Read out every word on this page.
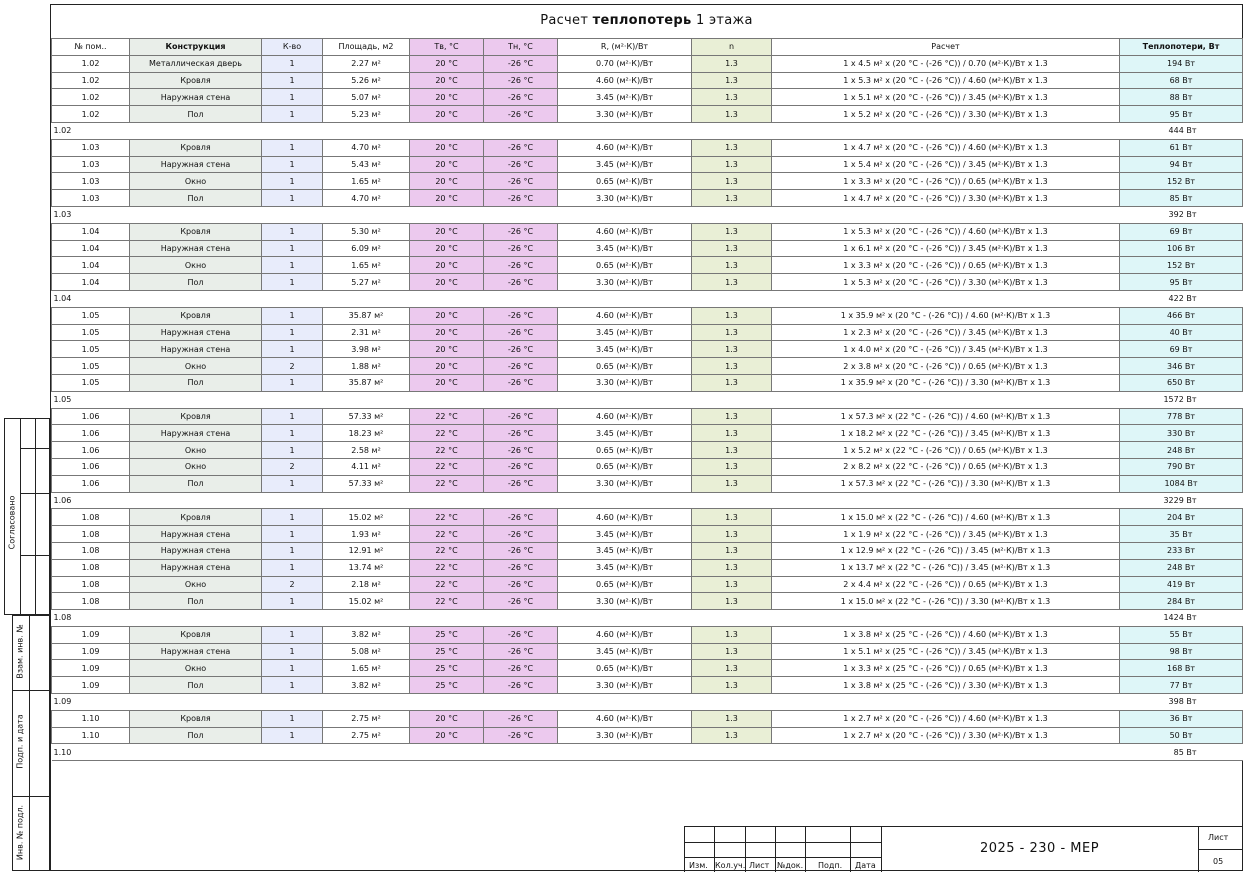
Согласовано
Взам. инв. №
Подп. и дата
Инв. № подл.
Расчет теплопотерь 1 этажа
№ пом..	Конструкция	К-во	Площадь, м2	Тв, °C	Тн, °C	R, (м²·К)/Вт	n	Расчет	Теплопотери, Вт
1.02	Металлическая дверь	1	2.27 м²	20 °C	-26 °C	0.70 (м²·К)/Вт	1.3	1 x 4.5 м² x (20 °C - (-26 °C)) / 0.70 (м²·К)/Вт x 1.3	194 Вт
1.02	Кровля	1	5.26 м²	20 °C	-26 °C	4.60 (м²·К)/Вт	1.3	1 x 5.3 м² x (20 °C - (-26 °C)) / 4.60 (м²·К)/Вт x 1.3	68 Вт
1.02	Наружная стена	1	5.07 м²	20 °C	-26 °C	3.45 (м²·К)/Вт	1.3	1 x 5.1 м² x (20 °C - (-26 °C)) / 3.45 (м²·К)/Вт x 1.3	88 Вт
1.02	Пол	1	5.23 м²	20 °C	-26 °C	3.30 (м²·К)/Вт	1.3	1 x 5.2 м² x (20 °C - (-26 °C)) / 3.30 (м²·К)/Вт x 1.3	95 Вт
1.02									444 Вт
1.03	Кровля	1	4.70 м²	20 °C	-26 °C	4.60 (м²·К)/Вт	1.3	1 x 4.7 м² x (20 °C - (-26 °C)) / 4.60 (м²·К)/Вт x 1.3	61 Вт
1.03	Наружная стена	1	5.43 м²	20 °C	-26 °C	3.45 (м²·К)/Вт	1.3	1 x 5.4 м² x (20 °C - (-26 °C)) / 3.45 (м²·К)/Вт x 1.3	94 Вт
1.03	Окно	1	1.65 м²	20 °C	-26 °C	0.65 (м²·К)/Вт	1.3	1 x 3.3 м² x (20 °C - (-26 °C)) / 0.65 (м²·К)/Вт x 1.3	152 Вт
1.03	Пол	1	4.70 м²	20 °C	-26 °C	3.30 (м²·К)/Вт	1.3	1 x 4.7 м² x (20 °C - (-26 °C)) / 3.30 (м²·К)/Вт x 1.3	85 Вт
1.03									392 Вт
1.04	Кровля	1	5.30 м²	20 °C	-26 °C	4.60 (м²·К)/Вт	1.3	1 x 5.3 м² x (20 °C - (-26 °C)) / 4.60 (м²·К)/Вт x 1.3	69 Вт
1.04	Наружная стена	1	6.09 м²	20 °C	-26 °C	3.45 (м²·К)/Вт	1.3	1 x 6.1 м² x (20 °C - (-26 °C)) / 3.45 (м²·К)/Вт x 1.3	106 Вт
1.04	Окно	1	1.65 м²	20 °C	-26 °C	0.65 (м²·К)/Вт	1.3	1 x 3.3 м² x (20 °C - (-26 °C)) / 0.65 (м²·К)/Вт x 1.3	152 Вт
1.04	Пол	1	5.27 м²	20 °C	-26 °C	3.30 (м²·К)/Вт	1.3	1 x 5.3 м² x (20 °C - (-26 °C)) / 3.30 (м²·К)/Вт x 1.3	95 Вт
1.04									422 Вт
1.05	Кровля	1	35.87 м²	20 °C	-26 °C	4.60 (м²·К)/Вт	1.3	1 x 35.9 м² x (20 °C - (-26 °C)) / 4.60 (м²·К)/Вт x 1.3	466 Вт
1.05	Наружная стена	1	2.31 м²	20 °C	-26 °C	3.45 (м²·К)/Вт	1.3	1 x 2.3 м² x (20 °C - (-26 °C)) / 3.45 (м²·К)/Вт x 1.3	40 Вт
1.05	Наружная стена	1	3.98 м²	20 °C	-26 °C	3.45 (м²·К)/Вт	1.3	1 x 4.0 м² x (20 °C - (-26 °C)) / 3.45 (м²·К)/Вт x 1.3	69 Вт
1.05	Окно	2	1.88 м²	20 °C	-26 °C	0.65 (м²·К)/Вт	1.3	2 x 3.8 м² x (20 °C - (-26 °C)) / 0.65 (м²·К)/Вт x 1.3	346 Вт
1.05	Пол	1	35.87 м²	20 °C	-26 °C	3.30 (м²·К)/Вт	1.3	1 x 35.9 м² x (20 °C - (-26 °C)) / 3.30 (м²·К)/Вт x 1.3	650 Вт
1.05									1572 Вт
1.06	Кровля	1	57.33 м²	22 °C	-26 °C	4.60 (м²·К)/Вт	1.3	1 x 57.3 м² x (22 °C - (-26 °C)) / 4.60 (м²·К)/Вт x 1.3	778 Вт
1.06	Наружная стена	1	18.23 м²	22 °C	-26 °C	3.45 (м²·К)/Вт	1.3	1 x 18.2 м² x (22 °C - (-26 °C)) / 3.45 (м²·К)/Вт x 1.3	330 Вт
1.06	Окно	1	2.58 м²	22 °C	-26 °C	0.65 (м²·К)/Вт	1.3	1 x 5.2 м² x (22 °C - (-26 °C)) / 0.65 (м²·К)/Вт x 1.3	248 Вт
1.06	Окно	2	4.11 м²	22 °C	-26 °C	0.65 (м²·К)/Вт	1.3	2 x 8.2 м² x (22 °C - (-26 °C)) / 0.65 (м²·К)/Вт x 1.3	790 Вт
1.06	Пол	1	57.33 м²	22 °C	-26 °C	3.30 (м²·К)/Вт	1.3	1 x 57.3 м² x (22 °C - (-26 °C)) / 3.30 (м²·К)/Вт x 1.3	1084 Вт
1.06									3229 Вт
1.08	Кровля	1	15.02 м²	22 °C	-26 °C	4.60 (м²·К)/Вт	1.3	1 x 15.0 м² x (22 °C - (-26 °C)) / 4.60 (м²·К)/Вт x 1.3	204 Вт
1.08	Наружная стена	1	1.93 м²	22 °C	-26 °C	3.45 (м²·К)/Вт	1.3	1 x 1.9 м² x (22 °C - (-26 °C)) / 3.45 (м²·К)/Вт x 1.3	35 Вт
1.08	Наружная стена	1	12.91 м²	22 °C	-26 °C	3.45 (м²·К)/Вт	1.3	1 x 12.9 м² x (22 °C - (-26 °C)) / 3.45 (м²·К)/Вт x 1.3	233 Вт
1.08	Наружная стена	1	13.74 м²	22 °C	-26 °C	3.45 (м²·К)/Вт	1.3	1 x 13.7 м² x (22 °C - (-26 °C)) / 3.45 (м²·К)/Вт x 1.3	248 Вт
1.08	Окно	2	2.18 м²	22 °C	-26 °C	0.65 (м²·К)/Вт	1.3	2 x 4.4 м² x (22 °C - (-26 °C)) / 0.65 (м²·К)/Вт x 1.3	419 Вт
1.08	Пол	1	15.02 м²	22 °C	-26 °C	3.30 (м²·К)/Вт	1.3	1 x 15.0 м² x (22 °C - (-26 °C)) / 3.30 (м²·К)/Вт x 1.3	284 Вт
1.08									1424 Вт
1.09	Кровля	1	3.82 м²	25 °C	-26 °C	4.60 (м²·К)/Вт	1.3	1 x 3.8 м² x (25 °C - (-26 °C)) / 4.60 (м²·К)/Вт x 1.3	55 Вт
1.09	Наружная стена	1	5.08 м²	25 °C	-26 °C	3.45 (м²·К)/Вт	1.3	1 x 5.1 м² x (25 °C - (-26 °C)) / 3.45 (м²·К)/Вт x 1.3	98 Вт
1.09	Окно	1	1.65 м²	25 °C	-26 °C	0.65 (м²·К)/Вт	1.3	1 x 3.3 м² x (25 °C - (-26 °C)) / 0.65 (м²·К)/Вт x 1.3	168 Вт
1.09	Пол	1	3.82 м²	25 °C	-26 °C	3.30 (м²·К)/Вт	1.3	1 x 3.8 м² x (25 °C - (-26 °C)) / 3.30 (м²·К)/Вт x 1.3	77 Вт
1.09									398 Вт
1.10	Кровля	1	2.75 м²	20 °C	-26 °C	4.60 (м²·К)/Вт	1.3	1 x 2.7 м² x (20 °C - (-26 °C)) / 4.60 (м²·К)/Вт x 1.3	36 Вт
1.10	Пол	1	2.75 м²	20 °C	-26 °C	3.30 (м²·К)/Вт	1.3	1 x 2.7 м² x (20 °C - (-26 °C)) / 3.30 (м²·К)/Вт x 1.3	50 Вт
1.10									85 Вт
Изм. Кол.уч. Лист №док. Подп. Дата
Лист
05
2025 - 230 - MEP
